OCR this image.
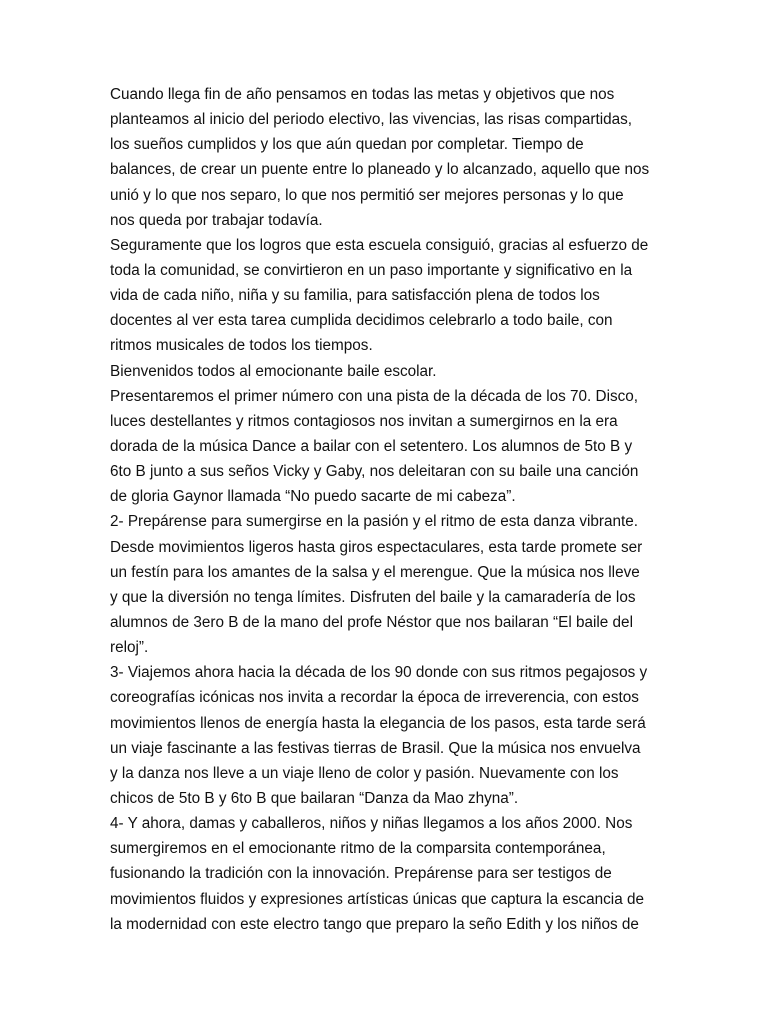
Cuando llega fin de año pensamos en todas las metas y objetivos que nos
planteamos al inicio del periodo electivo, las vivencias, las risas compartidas,
los sueños cumplidos y los que aún quedan por completar. Tiempo de
balances, de crear un puente entre lo planeado y lo alcanzado, aquello que nos
unió y lo que nos separo, lo que nos permitió ser mejores personas y lo que
nos queda por trabajar todavía.
Seguramente que los logros que esta escuela consiguió, gracias al esfuerzo de
toda la comunidad, se convirtieron en un paso importante y significativo en la
vida de cada niño, niña y su familia, para satisfacción plena de todos los
docentes al ver esta tarea cumplida decidimos celebrarlo a todo baile, con
ritmos musicales de todos los tiempos.
Bienvenidos todos al emocionante baile escolar.
Presentaremos el primer número con una pista de la década de los 70. Disco,
luces destellantes y ritmos contagiosos nos invitan a sumergirnos en la era
dorada de la música Dance a bailar con el setentero. Los alumnos de 5to B y
6to B junto a sus seños Vicky y Gaby, nos deleitaran con su baile una canción
de gloria Gaynor llamada “No puedo sacarte de mi cabeza”.
2- Prepárense para sumergirse en la pasión y el ritmo de esta danza vibrante.
Desde movimientos ligeros hasta giros espectaculares, esta tarde promete ser
un festín para los amantes de la salsa y el merengue. Que la música nos lleve
y que la diversión no tenga límites. Disfruten del baile y la camaradería de los
alumnos de 3ero B de la mano del profe Néstor que nos bailaran “El baile del
reloj”.
3- Viajemos ahora hacia la década de los 90 donde con sus ritmos pegajosos y
coreografías icónicas nos invita a recordar la época de irreverencia, con estos
movimientos llenos de energía hasta la elegancia de los pasos, esta tarde será
un viaje fascinante a las festivas tierras de Brasil. Que la música nos envuelva
y la danza nos lleve a un viaje lleno de color y pasión. Nuevamente con los
chicos de 5to B y 6to B que bailaran “Danza da Mao zhyna”.
4- Y ahora, damas y caballeros, niños y niñas llegamos a los años 2000. Nos
sumergiremos en el emocionante ritmo de la comparsita contemporánea,
fusionando la tradición con la innovación. Prepárense para ser testigos de
movimientos fluidos y expresiones artísticas únicas que captura la escancia de
la modernidad con este electro tango que preparo la seño Edith y los niños de
